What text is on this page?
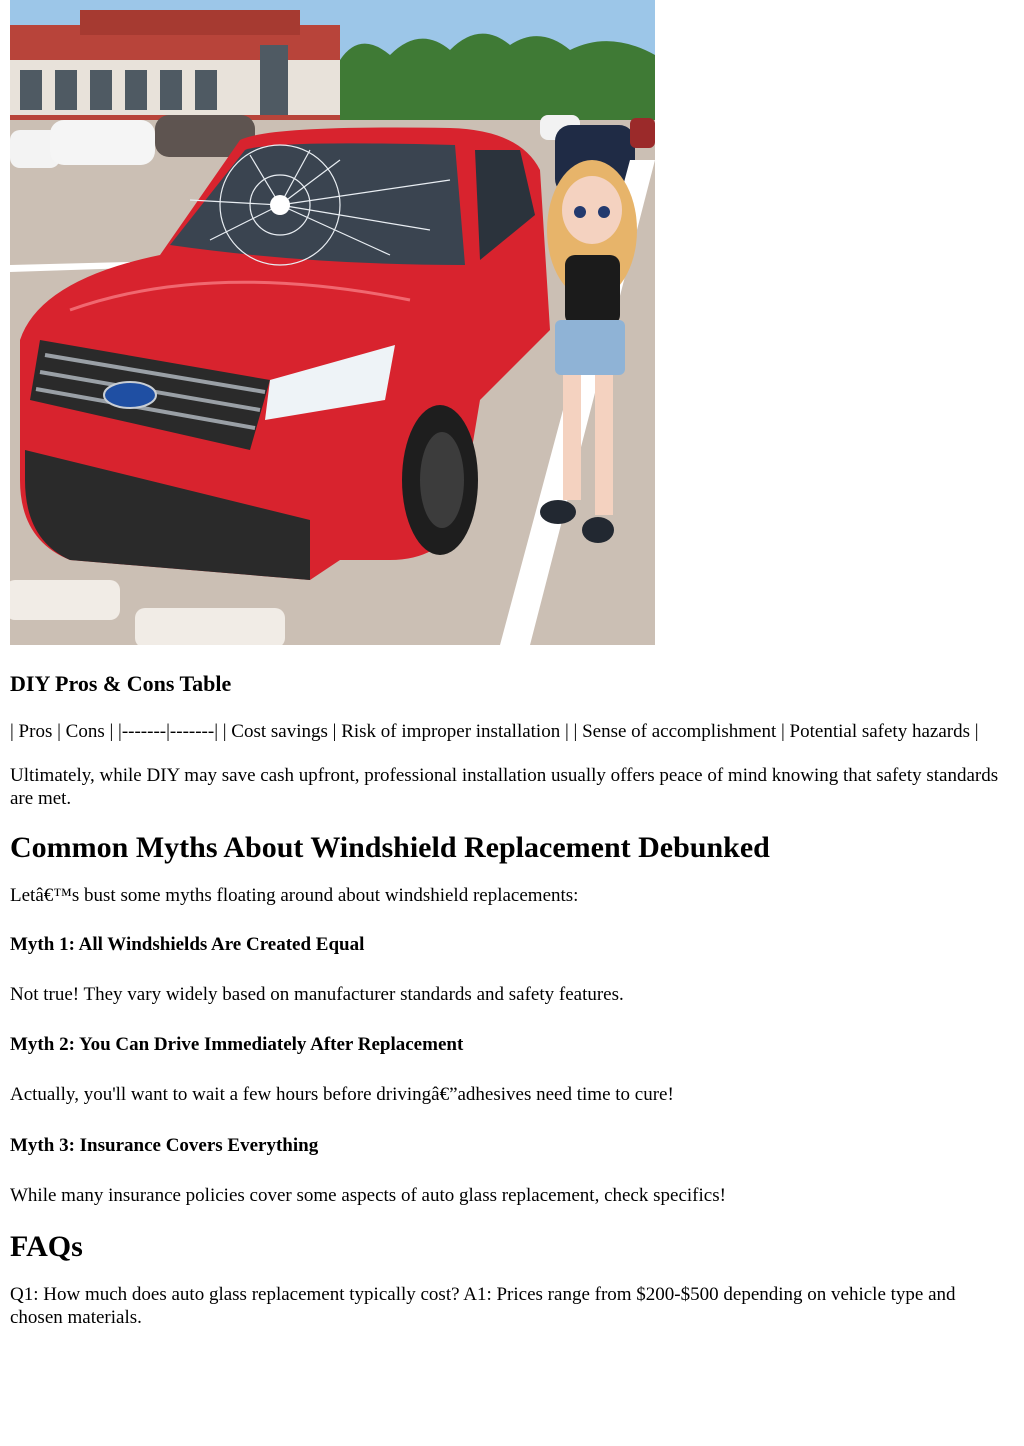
DIY Pros & Cons Table

| Pros | Cons | |-------|-------| | Cost savings | Risk of improper installation | | Sense of accomplishment | Potential safety hazards |

Ultimately, while DIY may save cash upfront, professional installation usually offers peace of mind knowing that safety standards are met.

Common Myths About Windshield Replacement Debunked

Letâ€™s bust some myths floating around about windshield replacements:

Myth 1: All Windshields Are Created Equal

Not true! They vary widely based on manufacturer standards and safety features.

Myth 2: You Can Drive Immediately After Replacement

Actually, you'll want to wait a few hours before drivingâ€”adhesives need time to cure!

Myth 3: Insurance Covers Everything

While many insurance policies cover some aspects of auto glass replacement, check specifics!

FAQs

Q1: How much does auto glass replacement typically cost? A1: Prices range from $200-$500 depending on vehicle type and chosen materials.
